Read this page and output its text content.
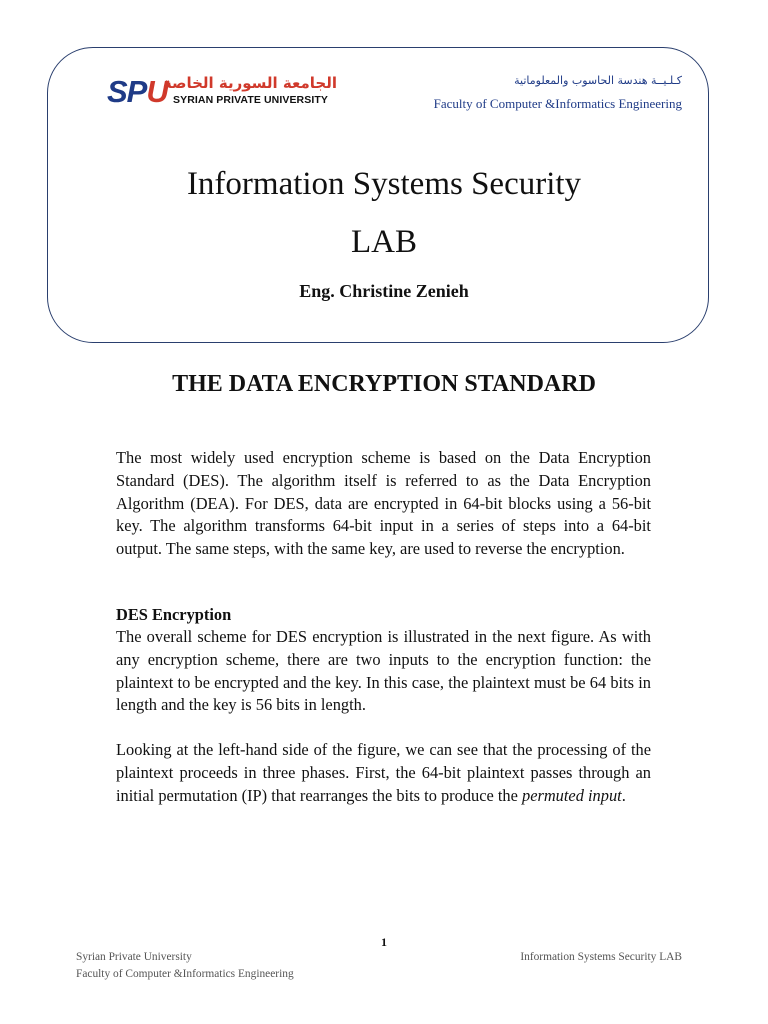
SPU
الجامعة السورية الخاصة
SYRIAN PRIVATE UNIVERSITY
كـلـيــة هندسة الحاسوب والمعلوماتية
Faculty of Computer &Informatics Engineering
Information Systems Security
LAB
Eng. Christine Zenieh
THE DATA ENCRYPTION STANDARD

The most widely used encryption scheme is based on the Data Encryption Standard (DES). The algorithm itself is referred to as the Data Encryption Algorithm (DEA). For DES, data are encrypted in 64-bit blocks using a 56-bit key. The algorithm transforms 64-bit input in a series of steps into a 64-bit output. The same steps, with the same key, are used to reverse the encryption.

DES Encryption

The overall scheme for DES encryption is illustrated in the next figure. As with any encryption scheme, there are two inputs to the encryption function: the plaintext to be encrypted and the key. In this case, the plaintext must be 64 bits in length and the key is 56 bits in length.

Looking at the left-hand side of the figure, we can see that the processing of the plaintext proceeds in three phases. First, the 64-bit plaintext passes through an initial permutation (IP) that rearranges the bits to produce the permuted input.

1
Syrian Private University
Faculty of Computer &Informatics Engineering
Information Systems Security LAB
